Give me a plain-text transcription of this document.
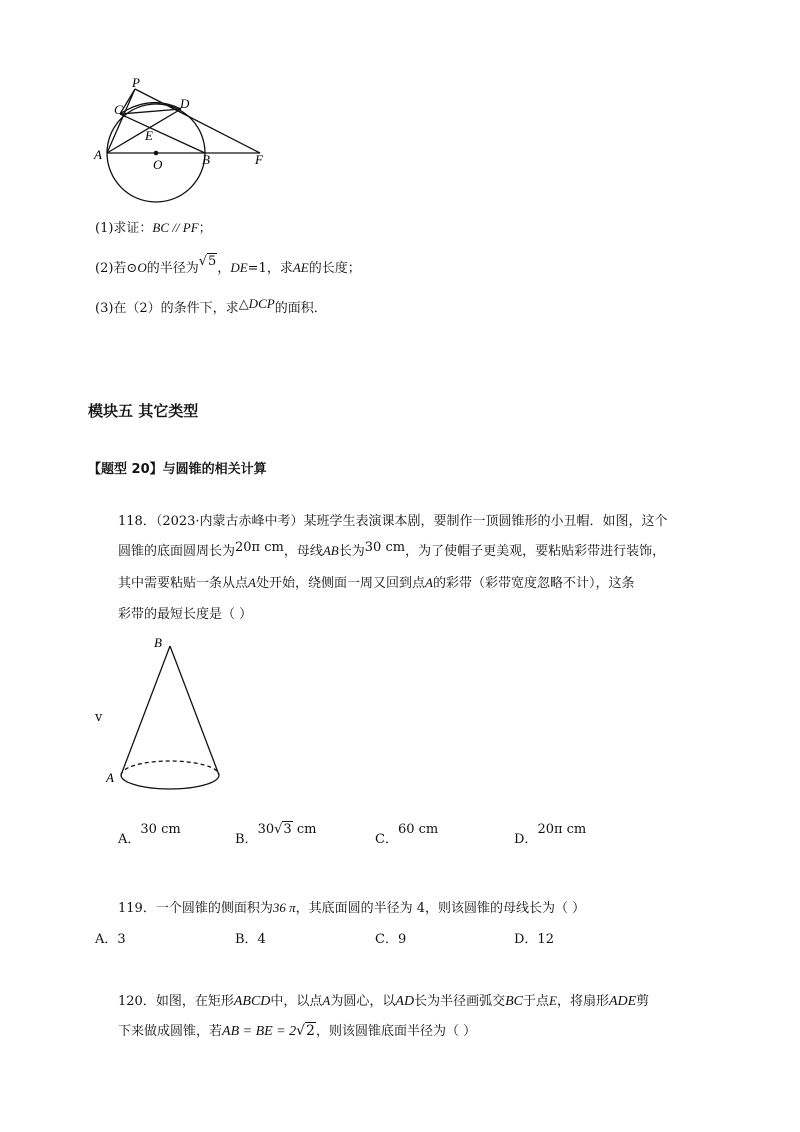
P
C	D
E
A
O	B	F
(1)求证：BC // PF；
(2)若⊙O的半径为√5，DE=1，求AE的长度；
(3)在（2）的条件下，求△DCP的面积．
模块五 其它类型
【题型 20】与圆锥的相关计算
118．（2023·内蒙古赤峰中考）某班学生表演课本剧，要制作一顶圆锥形的小丑帽．如图，这个
圆锥的底面圆周长为20π cm，母线AB长为30 cm，为了使帽子更美观，要粘贴彩带进行装饰，
其中需要粘贴一条从点A处开始，绕侧面一周又回到点A的彩带（彩带宽度忽略不计），这条
彩带的最短长度是（ ）
v
B
A
A．30 cm
B．30√3 cm
C．60 cm
D．20π cm
119．一个圆锥的侧面积为36 π，其底面圆的半径为 4，则该圆锥的母线长为（ ）
A．3	B．4	C．9	D．12
120．如图，在矩形ABCD中，以点A为圆心，以AD长为半径画弧交BC于点E，将扇形ADE剪
下来做成圆锥，若AB = BE = 2√2，则该圆锥底面半径为（ ）
